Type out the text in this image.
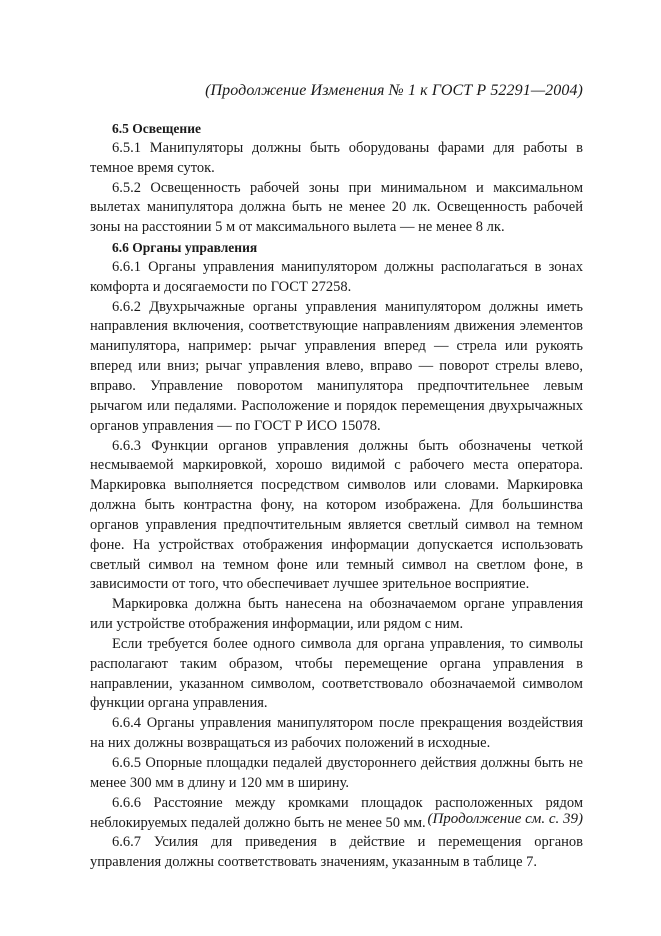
(Продолжение Изменения № 1 к ГОСТ Р 52291—2004)

6.5 Освещение

6.5.1 Манипуляторы должны быть оборудованы фарами для работы в темное время суток.

6.5.2 Освещенность рабочей зоны при минимальном и максимальном вылетах манипулятора должна быть не менее 20 лк. Освещенность рабочей зоны на расстоянии 5 м от максимального вылета — не менее 8 лк.

6.6 Органы управления

6.6.1 Органы управления манипулятором должны располагаться в зонах комфорта и досягаемости по ГОСТ 27258.

6.6.2 Двухрычажные органы управления манипулятором должны иметь направления включения, соответствующие направлениям движения элементов манипулятора, например: рычаг управления вперед — стрела или рукоять вперед или вниз; рычаг управления влево, вправо — поворот стрелы влево, вправо. Управление поворотом манипулятора предпочтительнее левым рычагом или педалями. Расположение и порядок перемещения двухрычажных органов управления — по ГОСТ Р ИСО 15078.

6.6.3 Функции органов управления должны быть обозначены четкой несмываемой маркировкой, хорошо видимой с рабочего места оператора. Маркировка выполняется посредством символов или словами. Маркировка должна быть контрастна фону, на котором изображена. Для большинства органов управления предпочтительным является светлый символ на темном фоне. На устройствах отображения информации допускается использовать светлый символ на темном фоне или темный символ на светлом фоне, в зависимости от того, что обеспечивает лучшее зрительное восприятие.

Маркировка должна быть нанесена на обозначаемом органе управления или устройстве отображения информации, или рядом с ним.

Если требуется более одного символа для органа управления, то символы располагают таким образом, чтобы перемещение органа управления в направлении, указанном символом, соответствовало обозначаемой символом функции органа управления.

6.6.4 Органы управления манипулятором после прекращения воздействия на них должны возвращаться из рабочих положений в исходные.

6.6.5 Опорные площадки педалей двустороннего действия должны быть не менее 300 мм в длину и 120 мм в ширину.

6.6.6 Расстояние между кромками площадок расположенных рядом неблокируемых педалей должно быть не менее 50 мм.

6.6.7 Усилия для приведения в действие и перемещения органов управления должны соответствовать значениям, указанным в таблице 7.

(Продолжение см. с. 39)
